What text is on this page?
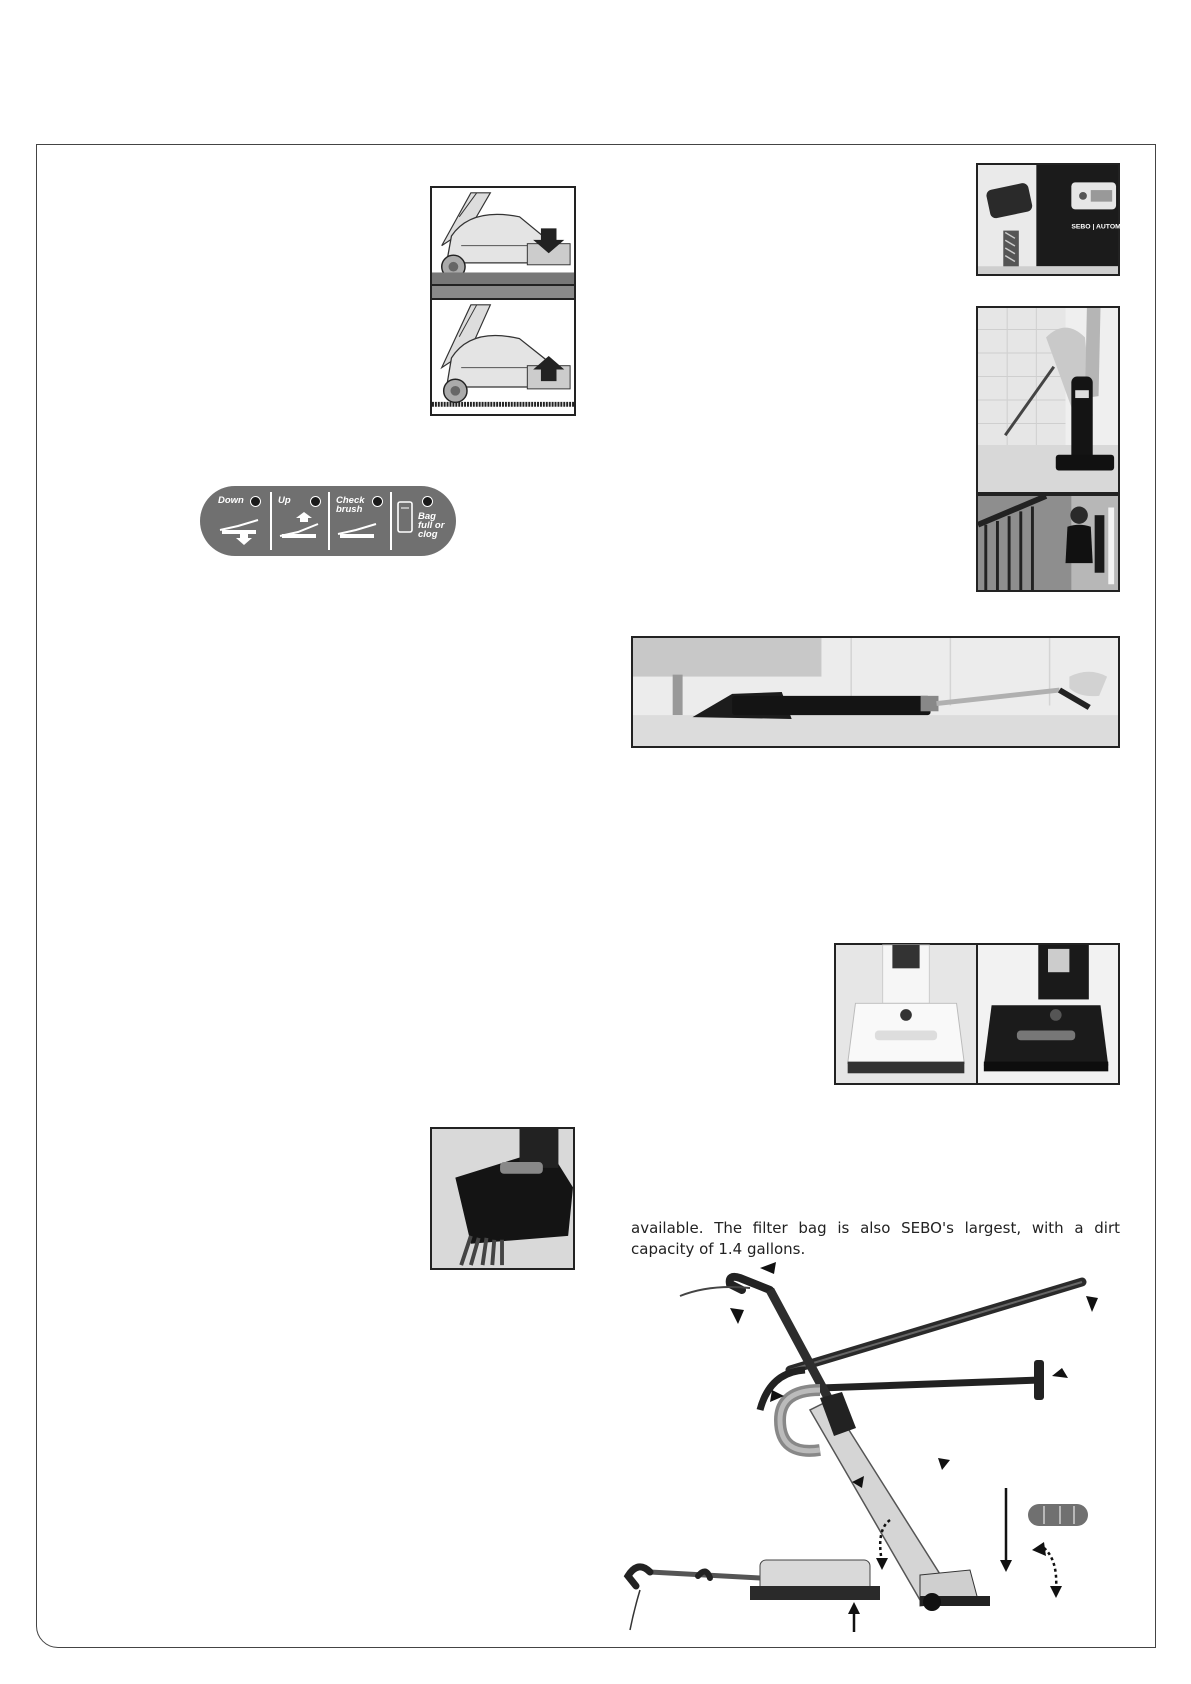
Down	Up	Check
brush
Bag
full or
clog
SEBO | AUTOMAT
available. The filter bag is also SEBO's largest, with a dirt
capacity of 1.4 gallons.
